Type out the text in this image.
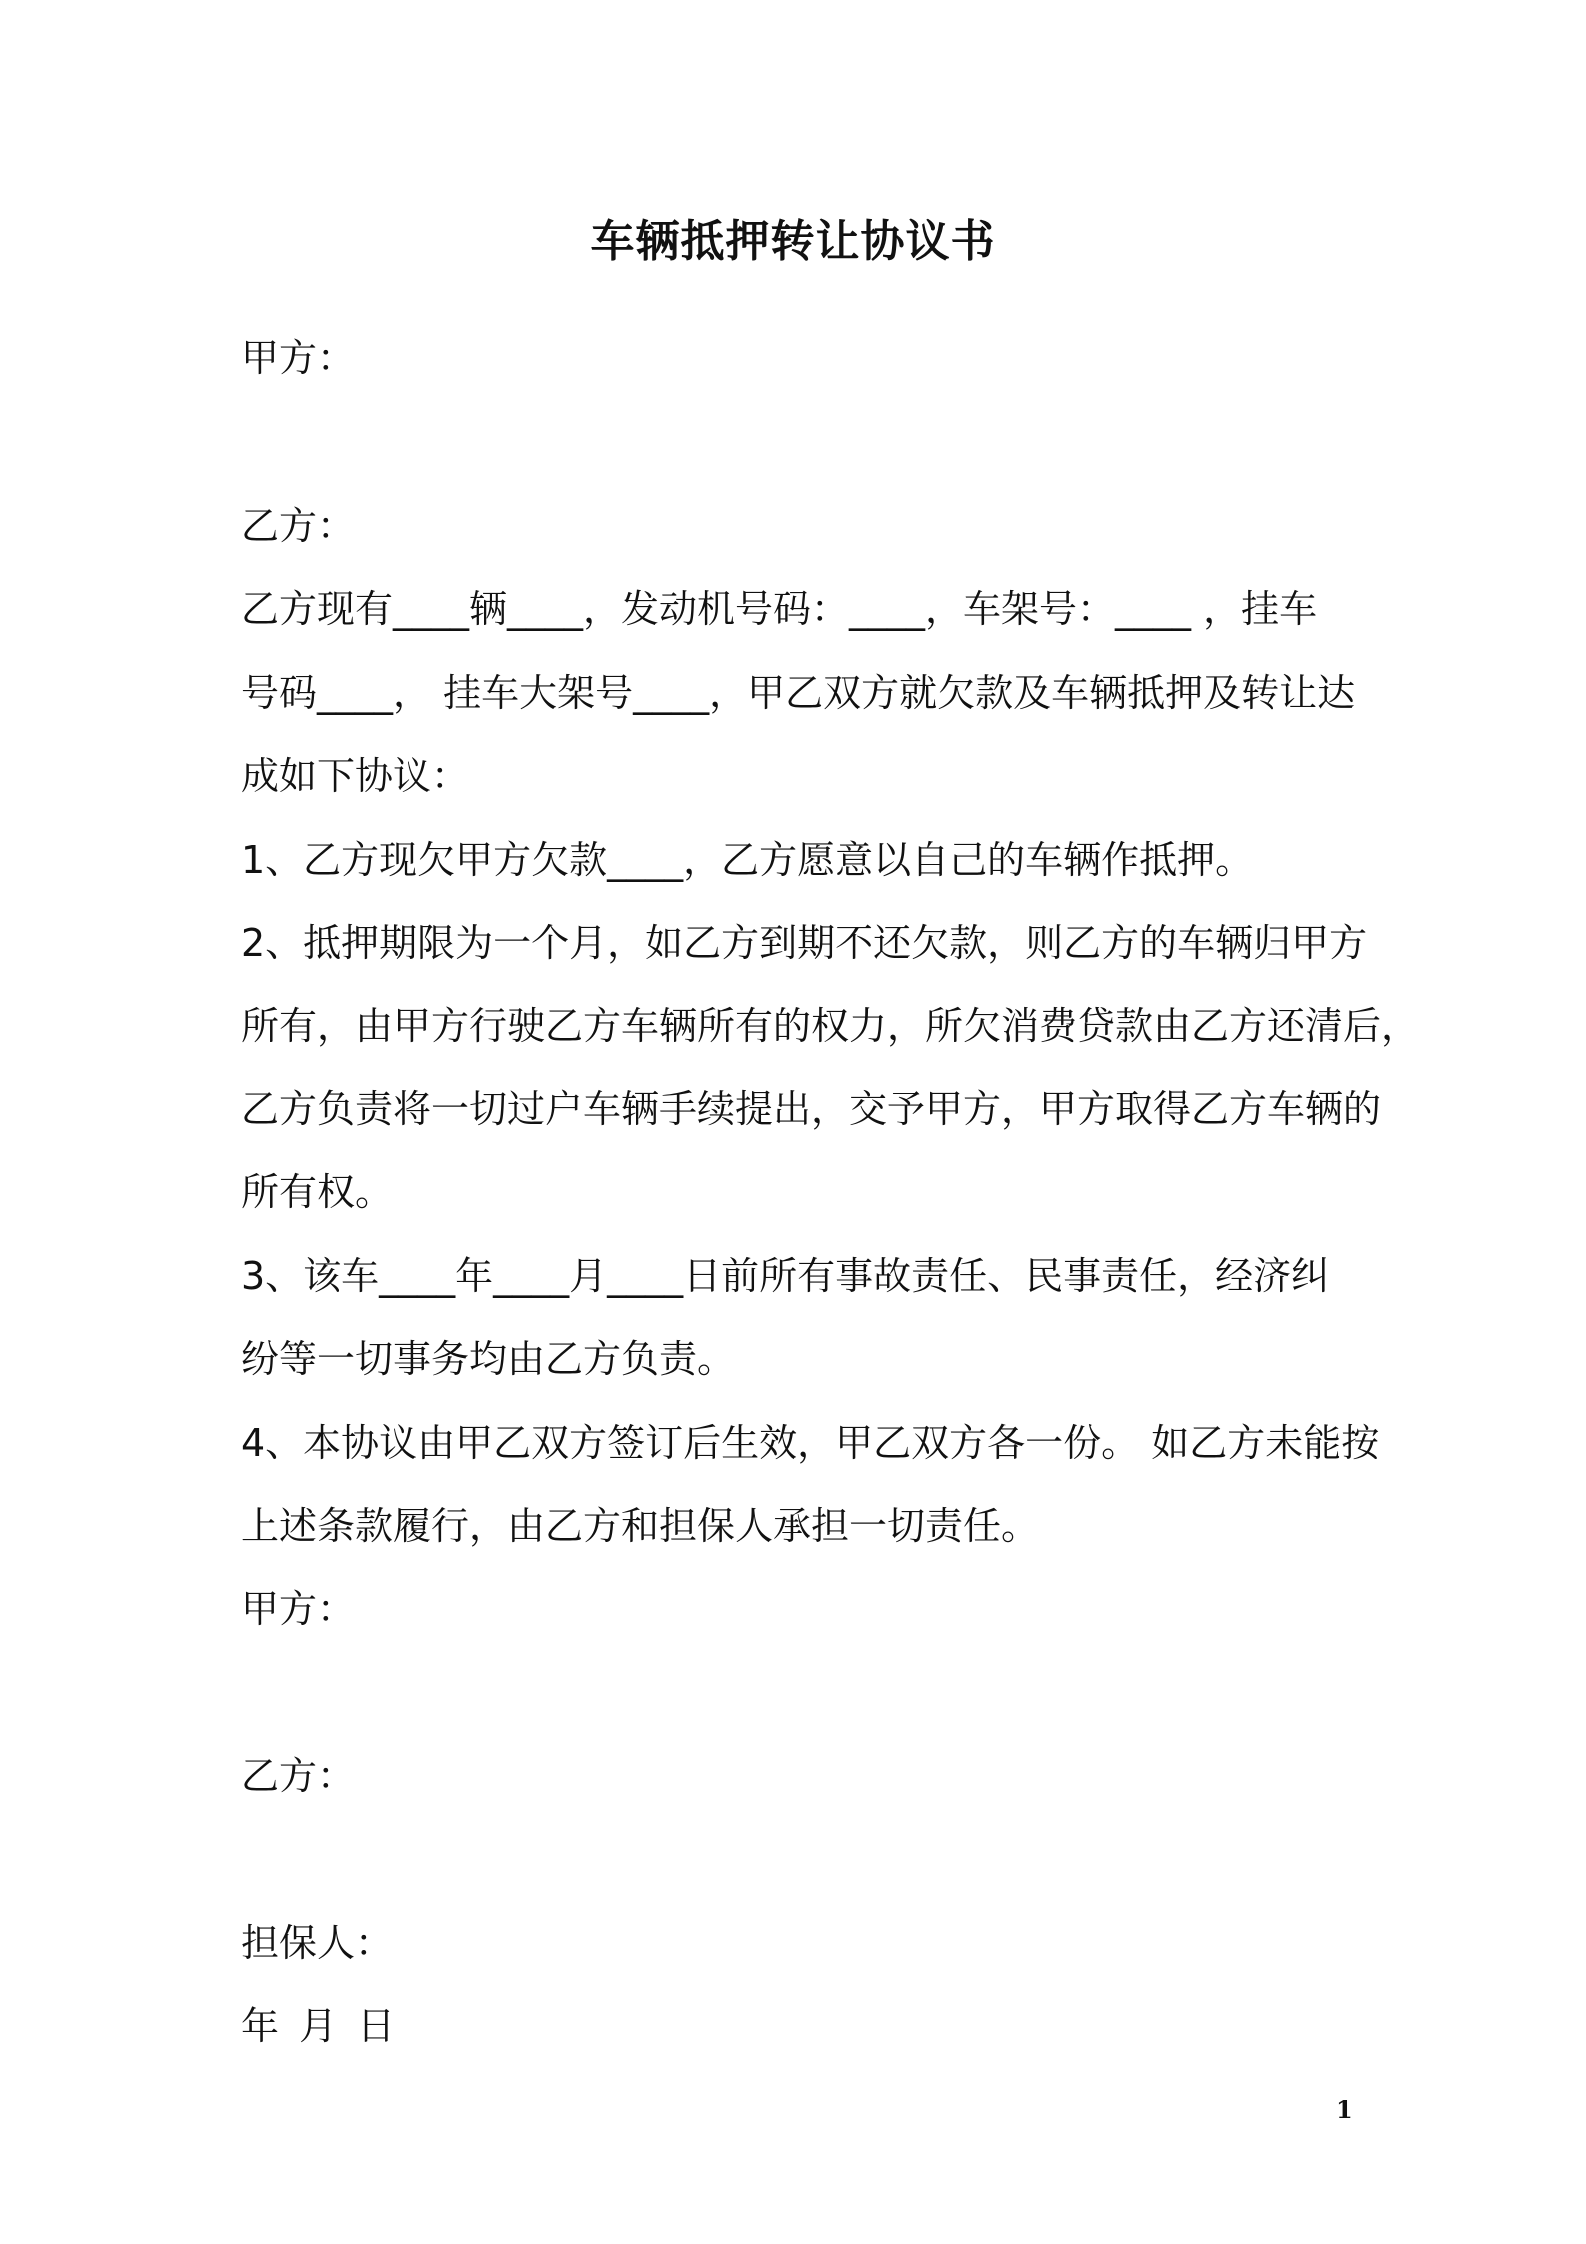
车辆抵押转让协议书

甲方：

乙方：

乙方现有____辆____，发动机号码：____，车架号：____ ，挂车

号码____， 挂车大架号____，甲乙双方就欠款及车辆抵押及转让达

成如下协议：

1、乙方现欠甲方欠款____，乙方愿意以自己的车辆作抵押。

2、抵押期限为一个月，如乙方到期不还欠款，则乙方的车辆归甲方

所有，由甲方行驶乙方车辆所有的权力，所欠消费贷款由乙方还清后，

乙方负责将一切过户车辆手续提出，交予甲方，甲方取得乙方车辆的

所有权。

3、该车____年____月____日前所有事故责任、民事责任，经济纠

纷等一切事务均由乙方负责。

4、本协议由甲乙双方签订后生效，甲乙双方各一份。 如乙方未能按

上述条款履行，由乙方和担保人承担一切责任。

甲方：

乙方：

担保人：

年 月 日

1
